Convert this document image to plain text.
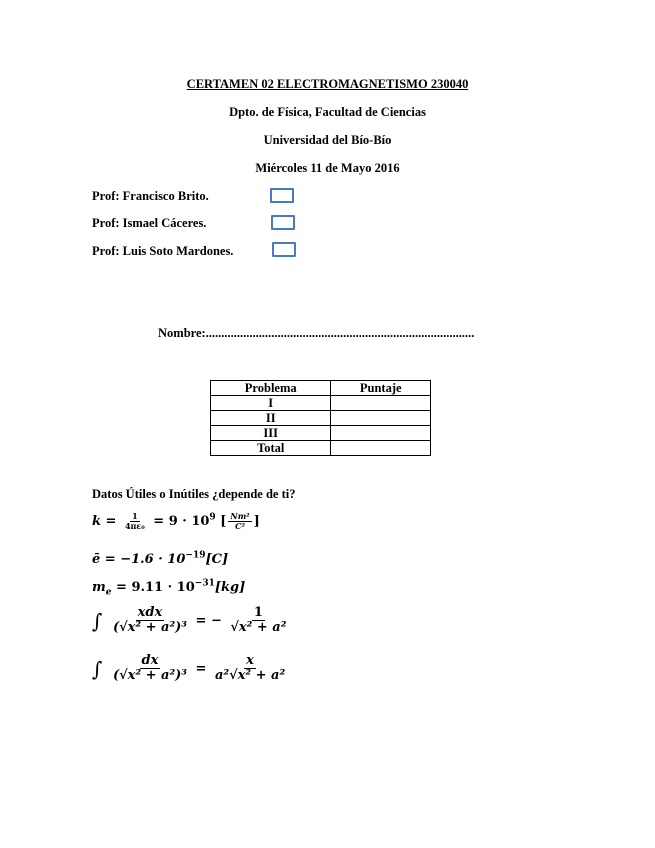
CERTAMEN 02 ELECTROMAGNETISMO 230040
Dpto. de Física, Facultad de Ciencias
Universidad del Bío-Bío
Miércoles 11 de Mayo 2016
Prof: Francisco Brito.
Prof: Ismael Cáceres.
Prof: Luis Soto Mardones.
Nombre:......................................................................................
Problema	Puntaje
I	
II	
III	
Total	
Datos Útiles o Inútiles ¿depende de ti?
$k = \frac{1}{\text{4πε₀}} = 9 \cdot 10^9$ [ $\frac{\text{Nm²}}{\text{C²}}$ ]
ē = $-1.6 \cdot 10^{-19}[C]$
$m_e = 9.11 \cdot 10^{-31}[kg]$
∫ $\frac{\text{xdx}}{\text{(√x² + a²)³}}$ = − $\frac{1}{\text{√x² + a²}}$
∫ $\frac{dx}{\text{(√x² + a²)³}} = \frac{x}{\text{a²√x² + a²}}$
